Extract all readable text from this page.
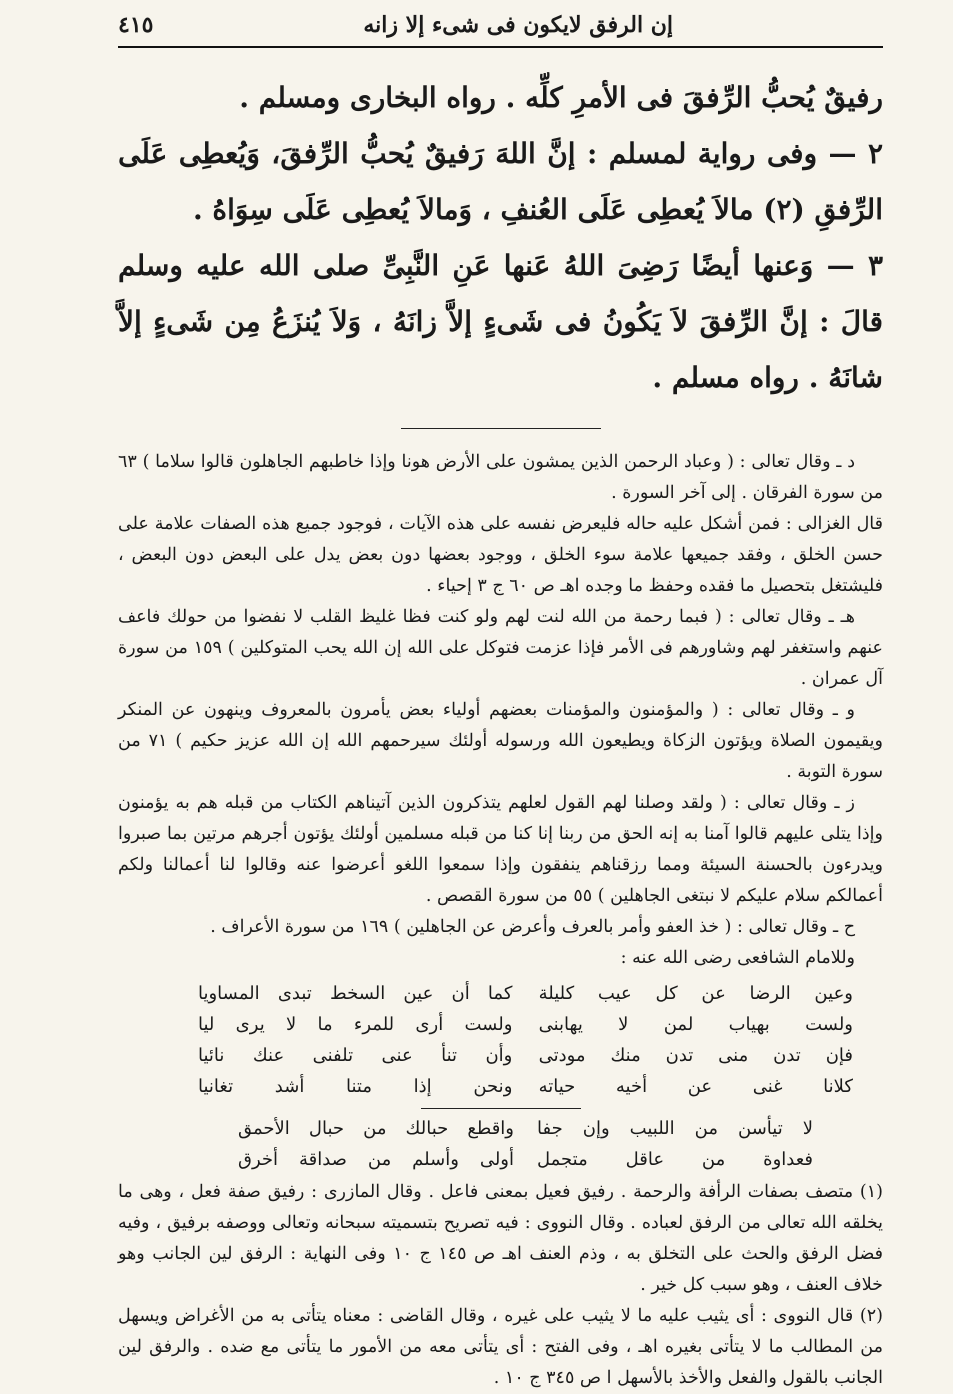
إن الرفق لايكون فى شىء إلا زانه
٤١٥

رفيقٌ يُحبُّ الرِّفقَ فى الأمرِ كلِّه . رواه البخارى ومسلم .

٢ — وفى رواية لمسلم : إنَّ اللهَ رَفيقٌ يُحبُّ الرِّفقَ، وَيُعطِى عَلَى الرِّفقِ (٢) مالاَ يُعطِى عَلَى العُنفِ ، وَمالاَ يُعطِى عَلَى سِوَاهُ .

٣ — وَعنها أيضًا رَضِىَ اللهُ عَنها عَنِ النَّبِىِّ صلى الله عليه وسلم قالَ : إنَّ الرِّفقَ لاَ يَكُونُ فى شَىءٍ إلاَّ زانَهُ ، وَلاَ يُنزَعُ مِن شَىءٍ إلاَّ شانَهُ . رواه مسلم .

د ـ وقال تعالى : ( وعباد الرحمن الذين يمشون على الأرض هونا وإذا خاطبهم الجاهلون قالوا سلاما ) ٦٣ من سورة الفرقان . إلى آخر السورة .

قال الغزالى : فمن أشكل عليه حاله فليعرض نفسه على هذه الآيات ، فوجود جميع هذه الصفات علامة على حسن الخلق ، وفقد جميعها علامة سوء الخلق ، ووجود بعضها دون بعض يدل على البعض دون البعض ، فليشتغل بتحصيل ما فقده وحفظ ما وجده اهـ ص ٦٠ ج ٣ إحياء .

هـ ـ وقال تعالى : ( فبما رحمة من الله لنت لهم ولو كنت فظا غليظ القلب لا نفضوا من حولك فاعف عنهم واستغفر لهم وشاورهم فى الأمر فإذا عزمت فتوكل على الله إن الله يحب المتوكلين ) ١٥٩ من سورة آل عمران .

و ـ وقال تعالى : ( والمؤمنون والمؤمنات بعضهم أولياء بعض يأمرون بالمعروف وينهون عن المنكر ويقيمون الصلاة ويؤتون الزكاة ويطيعون الله ورسوله أولئك سيرحمهم الله إن الله عزيز حكيم ) ٧١ من سورة التوبة .

ز ـ وقال تعالى : ( ولقد وصلنا لهم القول لعلهم يتذكرون الذين آتيناهم الكتاب من قبله هم به يؤمنون وإذا يتلى عليهم قالوا آمنا به إنه الحق من ربنا إنا كنا من قبله مسلمين أولئك يؤتون أجرهم مرتين بما صبروا ويدرءون بالحسنة السيئة ومما رزقناهم ينفقون وإذا سمعوا اللغو أعرضوا عنه وقالوا لنا أعمالنا ولكم أعمالكم سلام عليكم لا نبتغى الجاهلين ) ٥٥ من سورة القصص .

ح ـ وقال تعالى : ( خذ العفو وأمر بالعرف وأعرض عن الجاهلين ) ١٦٩ من سورة الأعراف .

وللامام الشافعى رضى الله عنه :

وعين الرضا عن كل عيب كليلة
كما أن عين السخط تبدى المساويا
ولست بهياب لمن لا يهابنى
ولست أرى للمرء ما لا يرى ليا
فإن تدن منى تدن منك مودتى
وأن تنأ عنى تلفنى عنك نائيا
كلانا غنى عن أخيه حياته
ونحن إذا متنا أشد تغانيا
لا تيأسن من اللبيب وإن جفا
واقطع حبالك من حبال الأحمق
فعداوة من عاقل متجمل
أولى وأسلم من صداقة أخرق

(١) متصف بصفات الرأفة والرحمة . رفيق فعيل بمعنى فاعل . وقال المازرى : رفيق صفة فعل ، وهى ما يخلقه الله تعالى من الرفق لعباده . وقال النووى : فيه تصريح بتسميته سبحانه وتعالى ووصفه برفيق ، وفيه فضل الرفق والحث على التخلق به ، وذم العنف اهـ ص ١٤٥ ج ١٠ وفى النهاية : الرفق لين الجانب وهو خلاف العنف ، وهو سبب كل خير .

(٢) قال النووى : أى يثيب عليه ما لا يثيب على غيره ، وقال القاضى : معناه يتأتى به من الأغراض ويسهل من المطالب ما لا يتأتى بغيره اهـ ، وفى الفتح : أى يتأتى معه من الأمور ما يتأتى مع ضده . والرفق لين الجانب بالقول والفعل والأخذ بالأسهل ا ص ٣٤٥ ج ١٠ .
